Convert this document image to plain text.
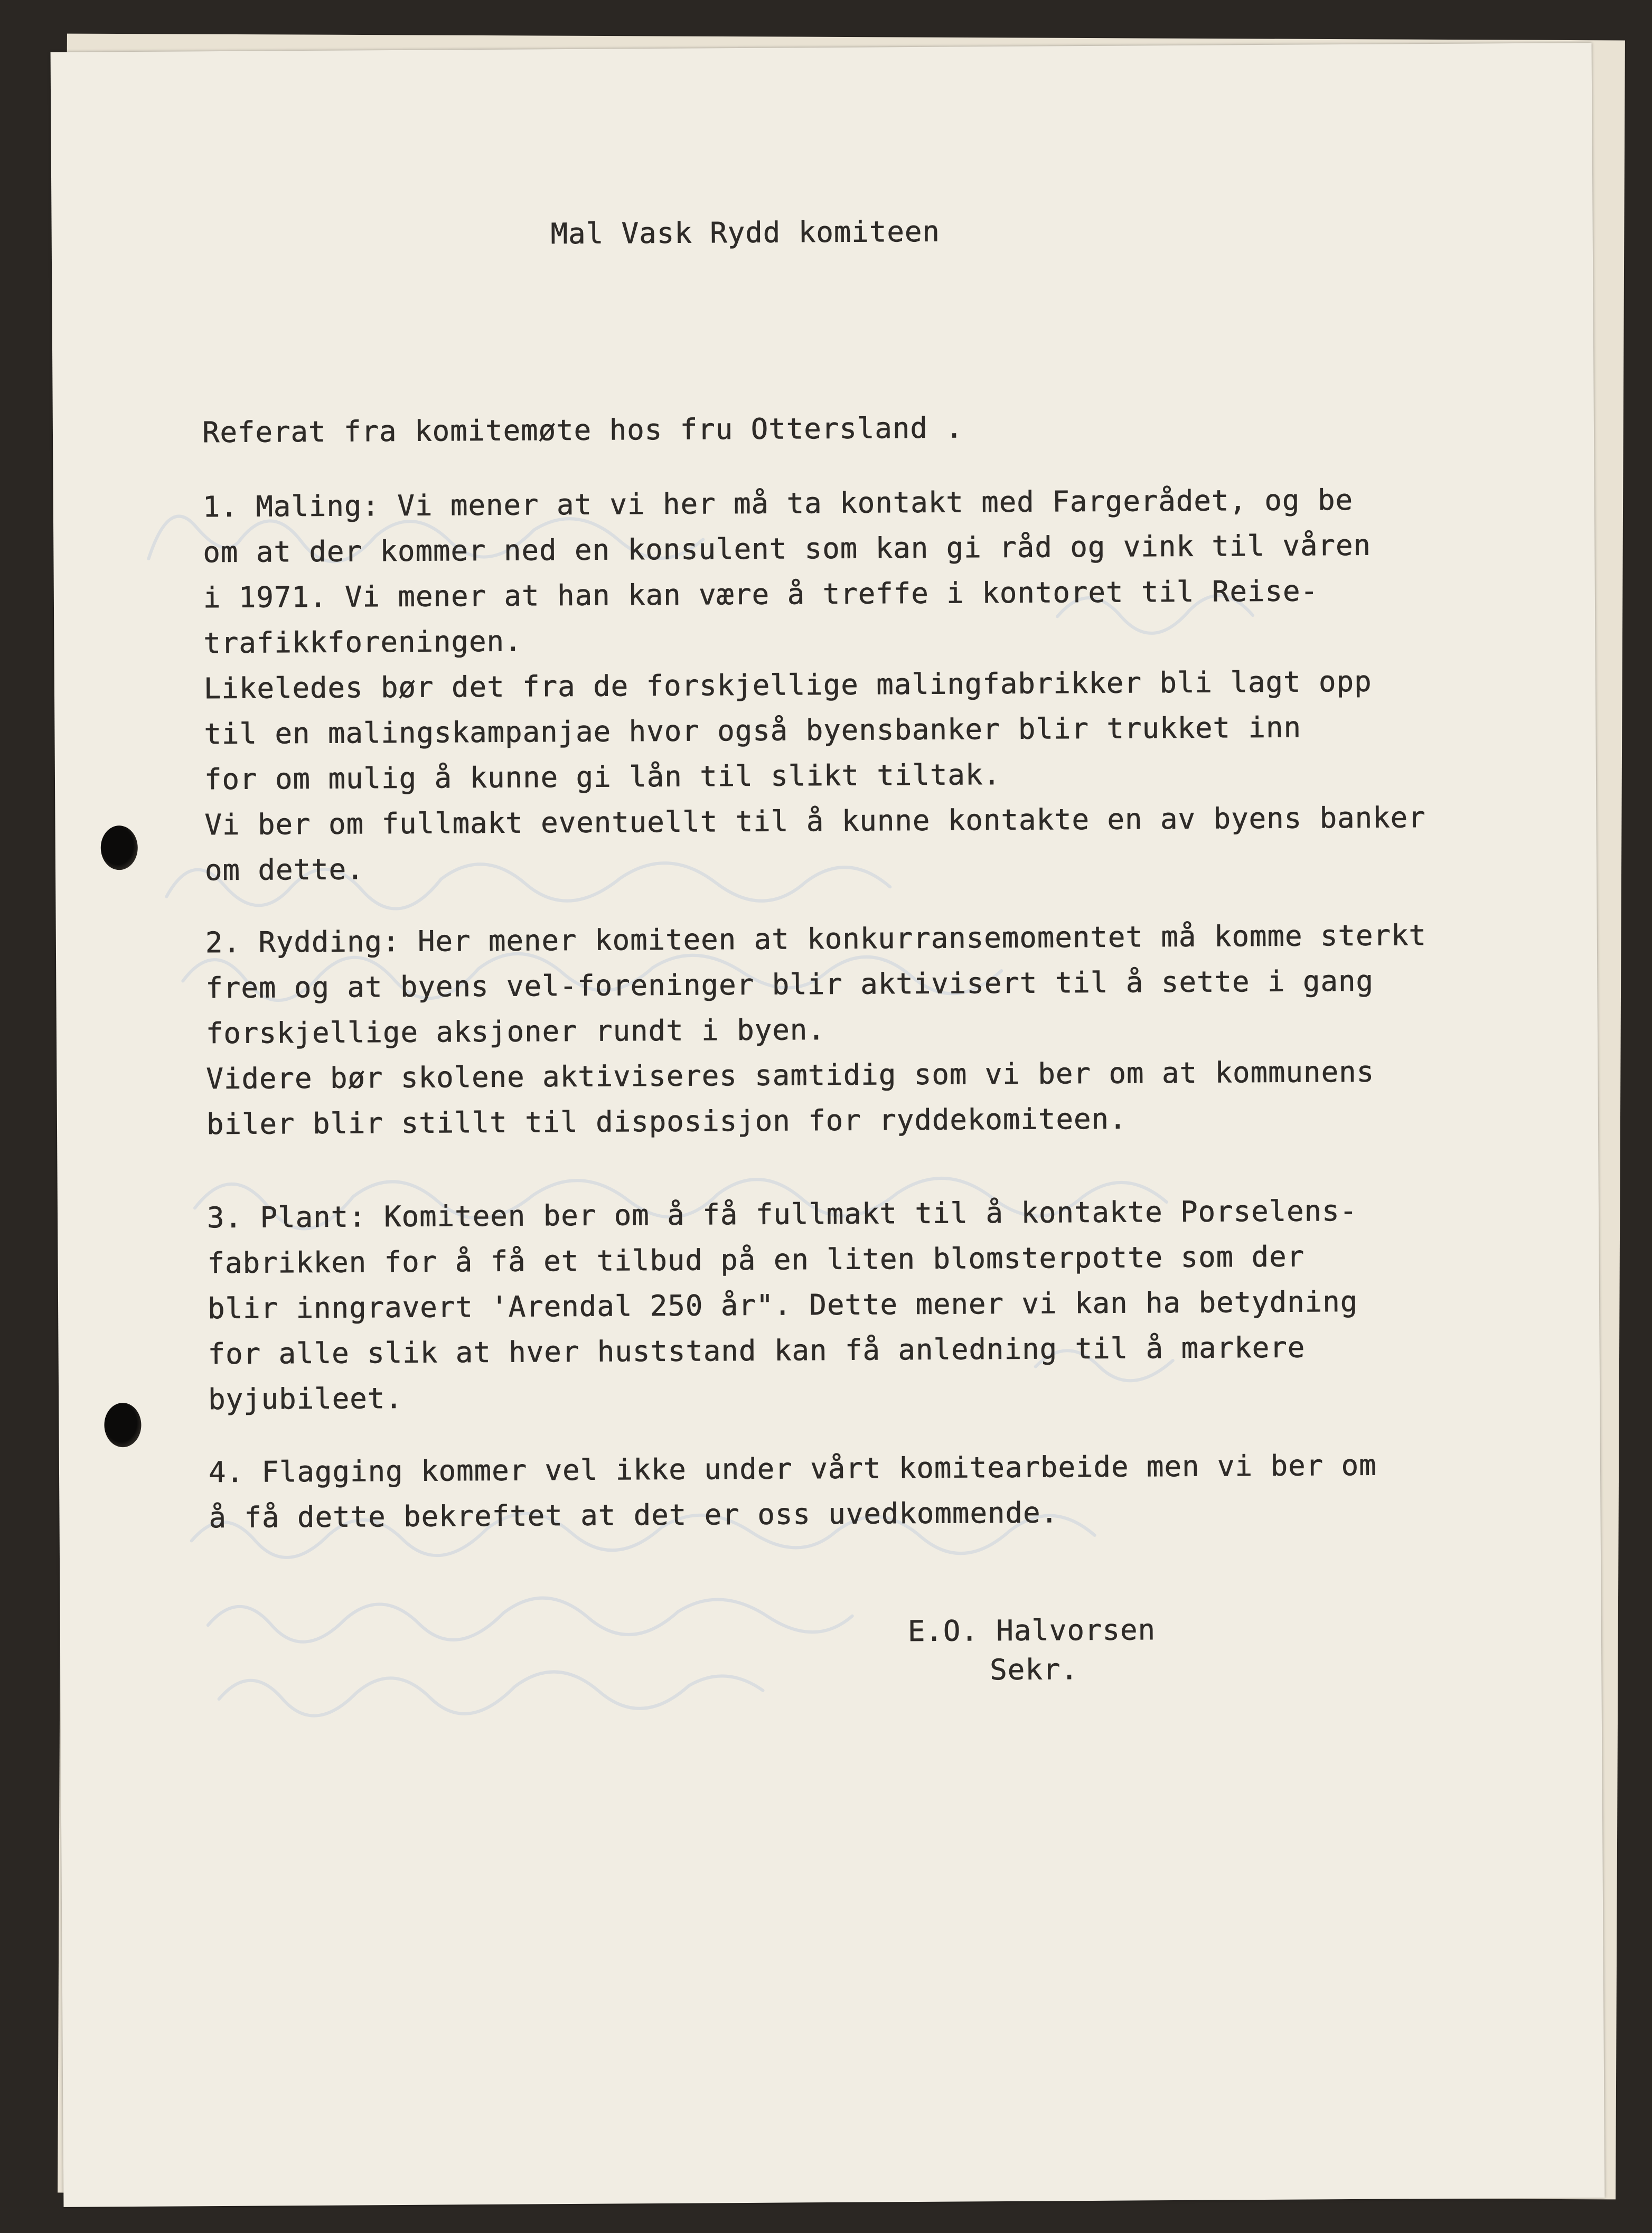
Mal Vask Rydd komiteen
Referat fra komitemøte hos fru Ottersland .
1. Maling: Vi mener at vi her må ta kontakt med Fargerådet, og be
om at der kommer ned en konsulent som kan gi råd og vink til våren
i 1971. Vi mener at han kan være å treffe i kontoret til Reise-
trafikkforeningen.
Likeledes bør det fra de forskjellige malingfabrikker bli lagt opp
til en malingskampanjae hvor også byensbanker blir trukket inn
for om mulig å kunne gi lån til slikt tiltak.
Vi ber om fullmakt eventuellt til å kunne kontakte en av byens banker
om dette.
2. Rydding: Her mener komiteen at konkurransemomentet må komme sterkt
frem og at byens vel-foreninger blir aktivisert til å sette i gang
forskjellige aksjoner rundt i byen.
Videre bør skolene aktiviseres samtidig som vi ber om at kommunens
biler blir stillt til disposisjon for ryddekomiteen.
3. Plant: Komiteen ber om å få fullmakt til å kontakte Porselens-
fabrikken for å få et tilbud på en liten blomsterpotte som der
blir inngravert 'Arendal 250 år". Dette mener vi kan ha betydning
for alle slik at hver huststand kan få anledning til å markere
byjubileet.
4. Flagging kommer vel ikke under vårt komitearbeide men vi ber om
å få dette bekreftet at det er oss uvedkommende.
E.O. Halvorsen
Sekr.
